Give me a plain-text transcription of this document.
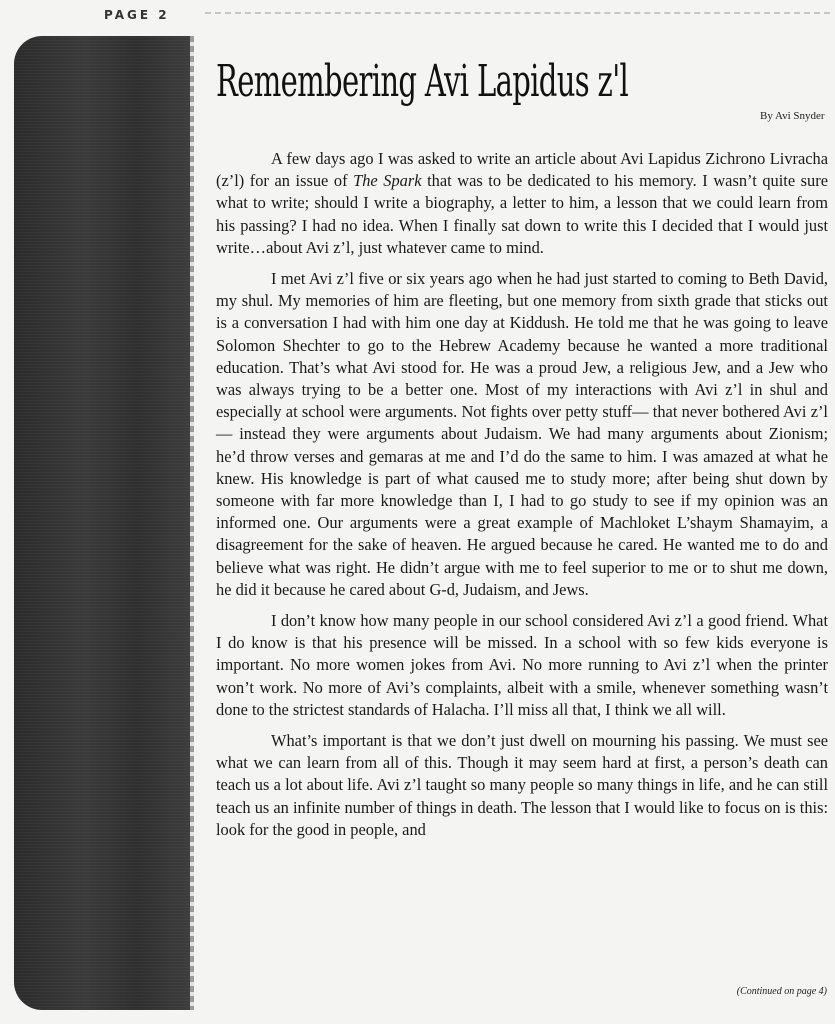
PAGE 2
Remembering Avi Lapidus z'l
By Avi Snyder

A few days ago I was asked to write an article about Avi Lapidus Zichrono Livracha (z’l) for an issue of The Spark that was to be dedicated to his memory. I wasn’t quite sure what to write; should I write a biography, a letter to him, a lesson that we could learn from his passing? I had no idea. When I finally sat down to write this I decided that I would just write…about Avi z’l, just whatever came to mind.

I met Avi z’l five or six years ago when he had just started to coming to Beth David, my shul. My memories of him are fleeting, but one memory from sixth grade that sticks out is a conversation I had with him one day at Kiddush. He told me that he was going to leave Solomon Shechter to go to the Hebrew Academy because he wanted a more traditional education. That’s what Avi stood for. He was a proud Jew, a religious Jew, and a Jew who was always trying to be a better one. Most of my interactions with Avi z’l in shul and especially at school were arguments. Not fights over petty stuff— that never bothered Avi z’l — instead they were arguments about Judaism. We had many arguments about Zionism; he’d throw verses and gemaras at me and I’d do the same to him. I was amazed at what he knew. His knowledge is part of what caused me to study more; after being shut down by someone with far more knowledge than I, I had to go study to see if my opinion was an informed one. Our arguments were a great example of Machloket L’shaym Shamayim, a disagreement for the sake of heaven. He argued because he cared. He wanted me to do and believe what was right. He didn’t argue with me to feel superior to me or to shut me down, he did it because he cared about G-d, Judaism, and Jews.

I don’t know how many people in our school considered Avi z’l a good friend. What I do know is that his presence will be missed. In a school with so few kids everyone is important. No more women jokes from Avi. No more running to Avi z’l when the printer won’t work. No more of Avi’s complaints, albeit with a smile, whenever something wasn’t done to the strictest standards of Halacha. I’ll miss all that, I think we all will.

What’s important is that we don’t just dwell on mourning his passing. We must see what we can learn from all of this. Though it may seem hard at first, a person’s death can teach us a lot about life. Avi z’l taught so many people so many things in life, and he can still teach us an infinite number of things in death. The lesson that I would like to focus on is this: look for the good in people, and

(Continued on page 4)
